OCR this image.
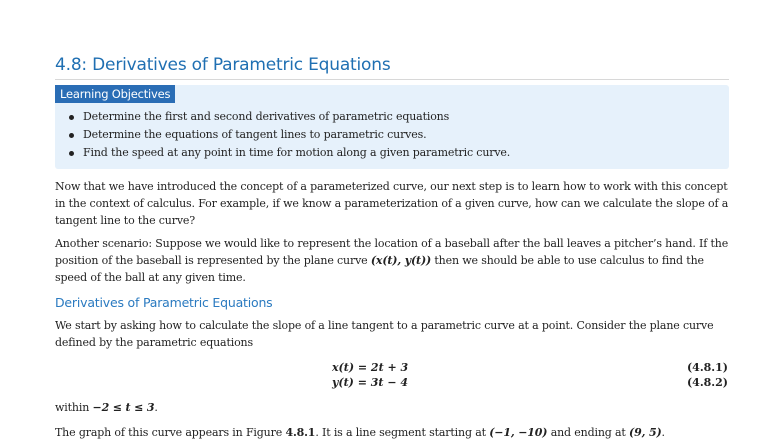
4.8: Derivatives of Parametric Equations
Learning Objectives
Determine the first and second derivatives of parametric equations
Determine the equations of tangent lines to parametric curves.
Find the speed at any point in time for motion along a given parametric curve.

Now that we have introduced the concept of a parameterized curve, our next step is to learn how to work with this concept in the context of calculus. For example, if we know a parameterization of a given curve, how can we calculate the slope of a tangent line to the curve?

Another scenario: Suppose we would like to represent the location of a baseball after the ball leaves a pitcher’s hand. If the position of the baseball is represented by the plane curve (x(t), y(t)) then we should be able to use calculus to find the speed of the ball at any given time.

Derivatives of Parametric Equations

We start by asking how to calculate the slope of a line tangent to a parametric curve at a point. Consider the plane curve defined by the parametric equations

x(t) = 2t + 3	(4.8.1)
y(t) = 3t − 4	(4.8.2)

within −2 ≤ t ≤ 3.

The graph of this curve appears in Figure 4.8.1. It is a line segment starting at (−1, −10) and ending at (9, 5).
